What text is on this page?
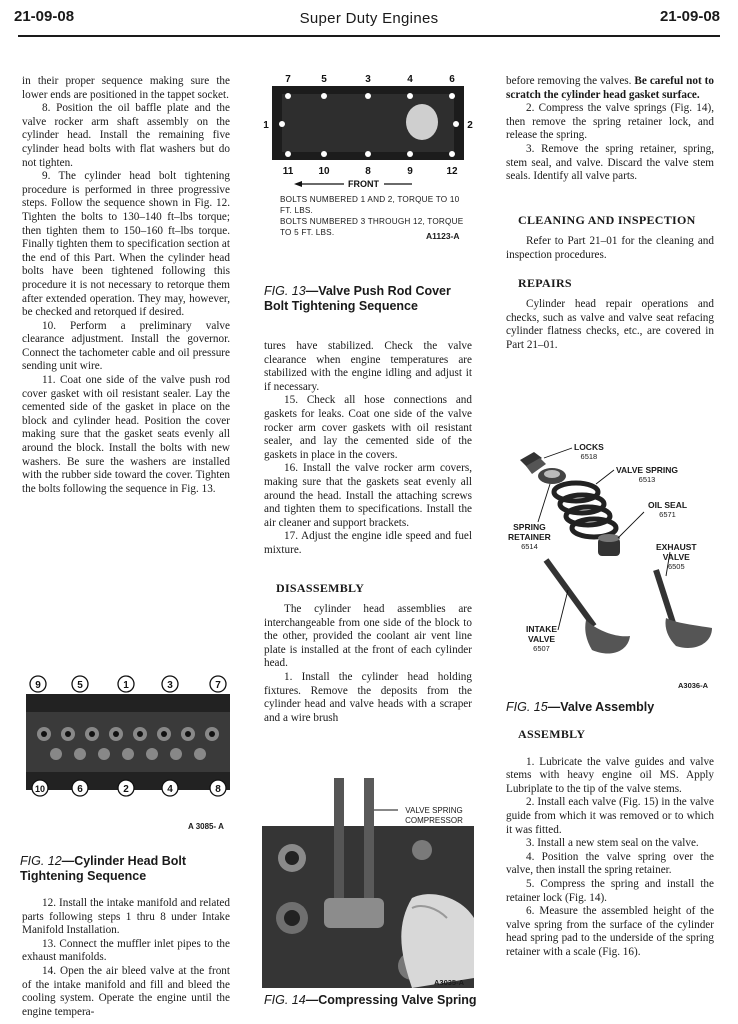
21-09-08	Super Duty Engines	21-09-08

in their proper sequence making sure the lower ends are positioned in the tappet socket.

8. Position the oil baffle plate and the valve rocker arm shaft assembly on the cylinder head. Install the remaining five cylinder head bolts with flat washers but do not tighten.

9. The cylinder head bolt tightening procedure is performed in three progressive steps. Follow the sequence shown in Fig. 12. Tighten the bolts to 130–140 ft–lbs torque; then tighten them to 150–160 ft–lbs torque. Finally tighten them to specification section at the end of this Part. When the cylinder head bolts have been tightened following this procedure it is not necessary to retorque them after extended operation. They may, however, be checked and retorqued if desired.

10. Perform a preliminary valve clearance adjustment. Install the governor. Connect the tachometer cable and oil pressure sending unit wire.

11. Coat one side of the valve push rod cover gasket with oil resistant sealer. Lay the cemented side of the gasket in place on the block and cylinder head. Position the cover making sure that the gasket seats evenly all around the block. Install the bolts with new washers. Be sure the washers are installed with the rubber side toward the cover. Tighten the bolts following the sequence in Fig. 13.

9	5	1	3	7
10	6	2	4	8
A 3085- A
FIG. 12—Cylinder Head Bolt Tightening Sequence

12. Install the intake manifold and related parts following steps 1 thru 8 under Intake Manifold Installation.

13. Connect the muffler inlet pipes to the exhaust manifolds.

14. Open the air bleed valve at the front of the intake manifold and fill and bleed the cooling system. Operate the engine until the engine tempera-

7	5	3	4	6
1	2
11	10	8	9	12
FRONT
BOLTS NUMBERED 1 AND 2, TORQUE TO 10 FT. LBS.
BOLTS NUMBERED 3 THROUGH 12, TORQUE TO 5 FT. LBS.	A1123-A
FIG. 13—Valve Push Rod Cover Bolt Tightening Sequence

tures have stabilized. Check the valve clearance when engine temperatures are stabilized with the engine idling and adjust it if necessary.

15. Check all hose connections and gaskets for leaks. Coat one side of the valve rocker arm cover gaskets with oil resistant sealer, and lay the cemented side of the gaskets in place in the covers.

16. Install the valve rocker arm covers, making sure that the gaskets seat evenly all around the head. Install the attaching screws and tighten them to specifications. Install the air cleaner and support brackets.

17. Adjust the engine idle speed and fuel mixture.

DISASSEMBLY

The cylinder head assemblies are interchangeable from one side of the block to the other, provided the coolant air vent line plate is installed at the front of each cylinder head.

1. Install the cylinder head holding fixtures. Remove the deposits from the cylinder head and valve heads with a scraper and a wire brush

VALVE SPRING COMPRESSOR
A3035-A
FIG. 14—Compressing Valve Spring

before removing the valves. Be careful not to scratch the cylinder head gasket surface.

2. Compress the valve springs (Fig. 14), then remove the spring retainer lock, and release the spring.

3. Remove the spring retainer, spring, stem seal, and valve. Discard the valve stem seals. Identify all valve parts.

CLEANING AND INSPECTION

Refer to Part 21–01 for the cleaning and inspection procedures.

REPAIRS

Cylinder head repair operations and checks, such as valve and valve seat refacing cylinder flatness checks, etc., are covered in Part 21–01.

LOCKS
6518
VALVE SPRING
6513
OIL SEAL
6571
SPRING
RETAINER
6514	EXHAUST
VALVE
6505
INTAKE
VALVE
6507
A3036-A
FIG. 15—Valve Assembly
ASSEMBLY

1. Lubricate the valve guides and valve stems with heavy engine oil MS. Apply Lubriplate to the tip of the valve stems.

2. Install each valve (Fig. 15) in the valve guide from which it was removed or to which it was fitted.

3. Install a new stem seal on the valve.

4. Position the valve spring over the valve, then install the spring retainer.

5. Compress the spring and install the retainer lock (Fig. 14).

6. Measure the assembled height of the valve spring from the surface of the cylinder head spring pad to the underside of the spring retainer with a scale (Fig. 16).
